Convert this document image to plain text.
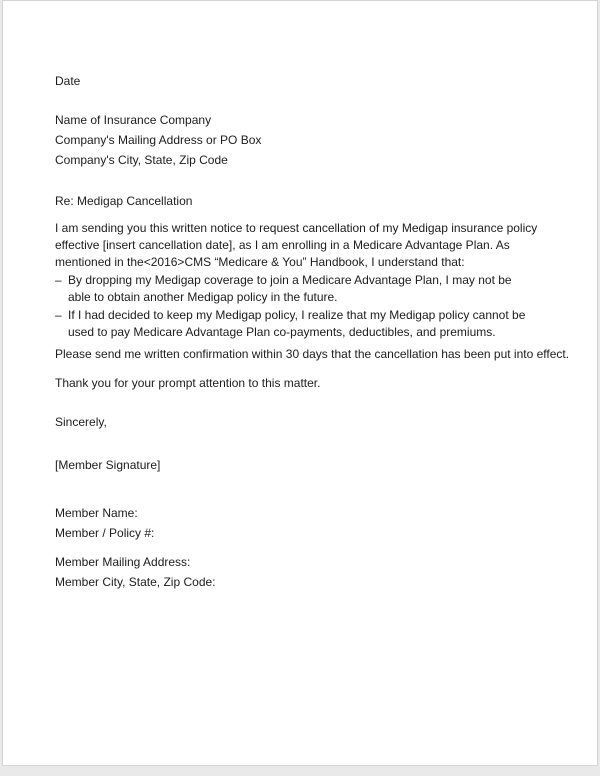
Date

Name of Insurance Company

Company's Mailing Address or PO Box

Company's City, State, Zip Code

Re: Medigap Cancellation

I am sending you this written notice to request cancellation of my Medigap insurance policy effective [insert cancellation date], as I am enrolling in a Medicare Advantage Plan. As mentioned in the<2016>CMS “Medicare & You” Handbook, I understand that:

– By dropping my Medigap coverage to join a Medicare Advantage Plan, I may not be able to obtain another Medigap policy in the future.
– If I had decided to keep my Medigap policy, I realize that my Medigap policy cannot be used to pay Medicare Advantage Plan co-payments, deductibles, and premiums.

Please send me written confirmation within 30 days that the cancellation has been put into effect.

Thank you for your prompt attention to this matter.

Sincerely,

[Member Signature]

Member Name:

Member / Policy #:

Member Mailing Address:

Member City, State, Zip Code:
